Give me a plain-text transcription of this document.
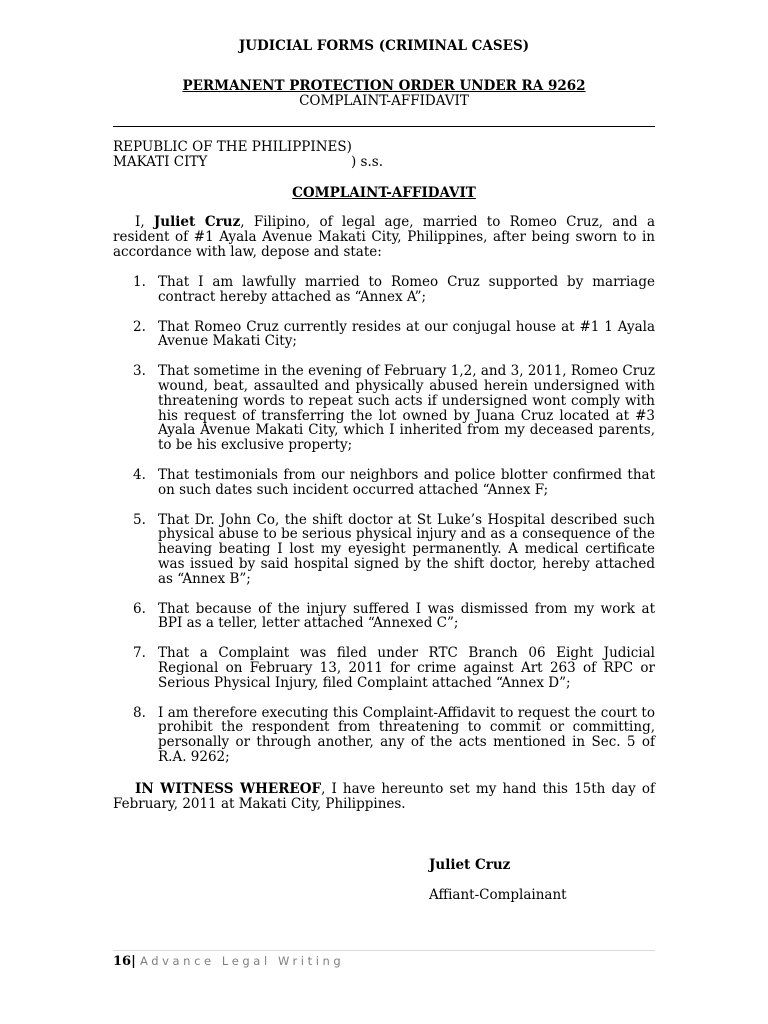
JUDICIAL FORMS (CRIMINAL CASES)
PERMANENT PROTECTION ORDER UNDER RA 9262
COMPLAINT-AFFIDAVIT
REPUBLIC OF THE PHILIPPINES)
MAKATI CITY	) s.s.
COMPLAINT-AFFIDAVIT
I, Juliet Cruz, Filipino, of legal age, married to Romeo Cruz, and a resident of #1 Ayala Avenue Makati City, Philippines, after being sworn to in accordance with law, depose and state:
1. That I am lawfully married to Romeo Cruz supported by marriage contract hereby attached as “Annex A”;
2. That Romeo Cruz currently resides at our conjugal house at #1 1 Ayala Avenue Makati City;
3. That sometime in the evening of February 1,2, and 3, 2011, Romeo Cruz wound, beat, assaulted and physically abused herein undersigned with threatening words to repeat such acts if undersigned wont comply with his request of transferring the lot owned by Juana Cruz located at #3 Ayala Avenue Makati City, which I inherited from my deceased parents, to be his exclusive property;
4. That testimonials from our neighbors and police blotter confirmed that on such dates such incident occurred attached “Annex F;
5. That Dr. John Co, the shift doctor at St Luke’s Hospital described such physical abuse to be serious physical injury and as a consequence of the heaving beating I lost my eyesight permanently. A medical certificate was issued by said hospital signed by the shift doctor, hereby attached as “Annex B”;
6. That because of the injury suffered I was dismissed from my work at BPI as a teller, letter attached “Annexed C”;
7. That a Complaint was filed under RTC Branch 06 Eight Judicial Regional on February 13, 2011 for crime against Art 263 of RPC or Serious Physical Injury, filed Complaint attached “Annex D”;
8. I am therefore executing this Complaint-Affidavit to request the court to prohibit the respondent from threatening to commit or committing, personally or through another, any of the acts mentioned in Sec. 5 of R.A. 9262;
IN WITNESS WHEREOF, I have hereunto set my hand this 15th day of February, 2011 at Makati City, Philippines.
Juliet Cruz
Affiant-Complainant
16| Advance Legal Writing
